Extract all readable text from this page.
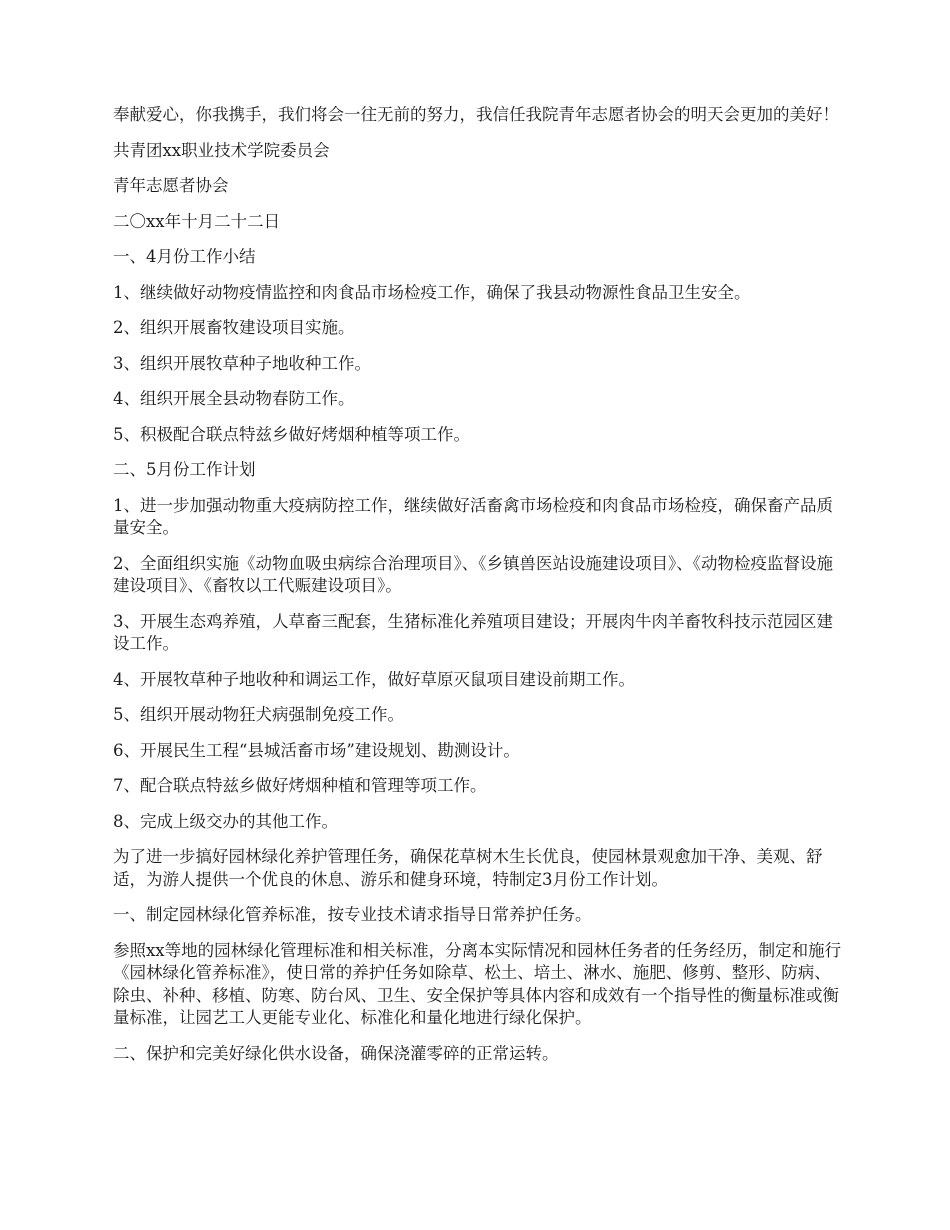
奉献爱心，你我携手，我们将会一往无前的努力，我信任我院青年志愿者协会的明天会更加的美好！

共青团xx职业技术学院委员会

青年志愿者协会

二〇xx年十月二十二日

一、4月份工作小结

1、继续做好动物疫情监控和肉食品市场检疫工作，确保了我县动物源性食品卫生安全。

2、组织开展畜牧建设项目实施。

3、组织开展牧草种子地收种工作。

4、组织开展全县动物春防工作。

5、积极配合联点特兹乡做好烤烟种植等项工作。

二、5月份工作计划

1、进一步加强动物重大疫病防控工作，继续做好活畜禽市场检疫和肉食品市场检疫，确保畜产品质量安全。

2、全面组织实施《动物血吸虫病综合治理项目》、《乡镇兽医站设施建设项目》、《动物检疫监督设施建设项目》、《畜牧以工代赈建设项目》。

3、开展生态鸡养殖，人草畜三配套，生猪标准化养殖项目建设；开展肉牛肉羊畜牧科技示范园区建设工作。

4、开展牧草种子地收种和调运工作，做好草原灭鼠项目建设前期工作。

5、组织开展动物狂犬病强制免疫工作。

6、开展民生工程“县城活畜市场”建设规划、勘测设计。

7、配合联点特兹乡做好烤烟种植和管理等项工作。

8、完成上级交办的其他工作。

为了进一步搞好园林绿化养护管理任务，确保花草树木生长优良，使园林景观愈加干净、美观、舒适，为游人提供一个优良的休息、游乐和健身环境，特制定3月份工作计划。

一、制定园林绿化管养标准，按专业技术请求指导日常养护任务。

参照xx等地的园林绿化管理标准和相关标准，分离本实际情况和园林任务者的任务经历，制定和施行《园林绿化管养标准》，使日常的养护任务如除草、松土、培土、淋水、施肥、修剪、整形、防病、除虫、补种、移植、防寒、防台风、卫生、安全保护等具体内容和成效有一个指导性的衡量标准或衡量标准，让园艺工人更能专业化、标准化和量化地进行绿化保护。

二、保护和完美好绿化供水设备，确保浇灌零碎的正常运转。
